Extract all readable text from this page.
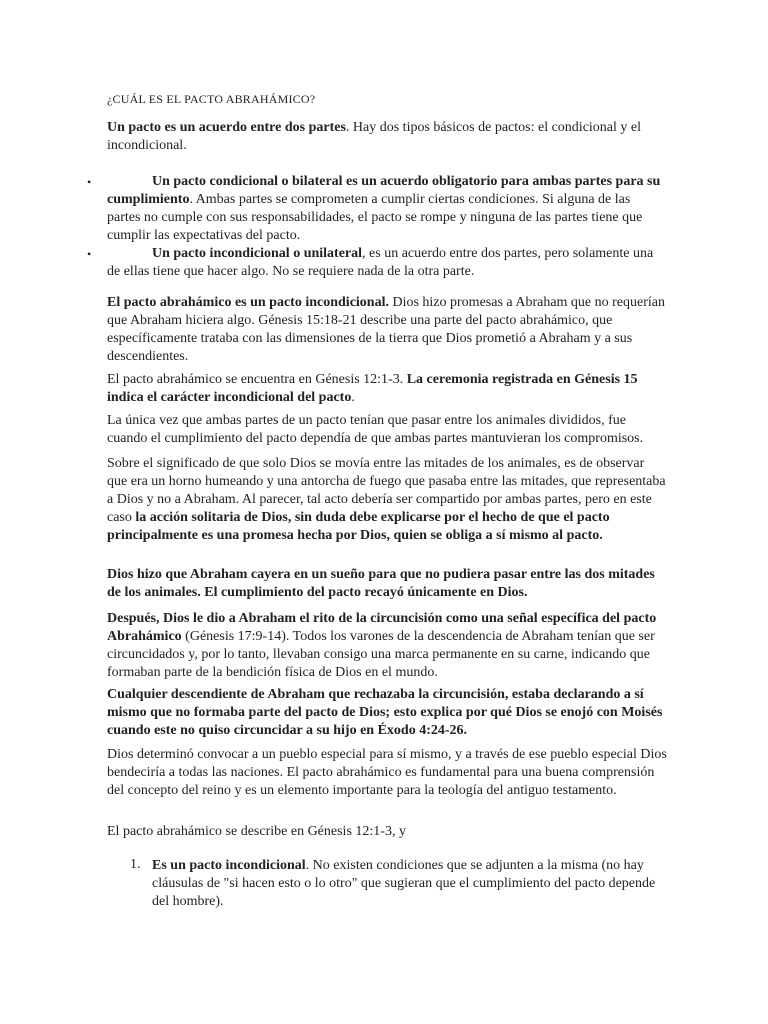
¿CUÁL ES EL PACTO ABRAHÁMICO?

Un pacto es un acuerdo entre dos partes. Hay dos tipos básicos de pactos: el condicional y el incondicional.

•	Un pacto condicional o bilateral es un acuerdo obligatorio para ambas partes para su cumplimiento. Ambas partes se comprometen a cumplir ciertas condiciones. Si alguna de las partes no cumple con sus responsabilidades, el pacto se rompe y ninguna de las partes tiene que cumplir las expectativas del pacto.
•	Un pacto incondicional o unilateral, es un acuerdo entre dos partes, pero solamente una de ellas tiene que hacer algo. No se requiere nada de la otra parte.

El pacto abrahámico es un pacto incondicional. Dios hizo promesas a Abraham que no requerían que Abraham hiciera algo. Génesis 15:18-21 describe una parte del pacto abrahámico, que específicamente trataba con las dimensiones de la tierra que Dios prometió a Abraham y a sus descendientes.

El pacto abrahámico se encuentra en Génesis 12:1-3. La ceremonia registrada en Génesis 15 indica el carácter incondicional del pacto.

La única vez que ambas partes de un pacto tenían que pasar entre los animales divididos, fue cuando el cumplimiento del pacto dependía de que ambas partes mantuvieran los compromisos.

Sobre el significado de que solo Dios se movía entre las mitades de los animales, es de observar que era un horno humeando y una antorcha de fuego que pasaba entre las mitades, que representaba a Dios y no a Abraham. Al parecer, tal acto debería ser compartido por ambas partes, pero en este caso la acción solitaria de Dios, sin duda debe explicarse por el hecho de que el pacto principalmente es una promesa hecha por Dios, quien se obliga a sí mismo al pacto.

Dios hizo que Abraham cayera en un sueño para que no pudiera pasar entre las dos mitades de los animales. El cumplimiento del pacto recayó únicamente en Dios.

Después, Dios le dio a Abraham el rito de la circuncisión como una señal específica del pacto Abrahámico (Génesis 17:9-14). Todos los varones de la descendencia de Abraham tenían que ser circuncidados y, por lo tanto, llevaban consigo una marca permanente en su carne, indicando que formaban parte de la bendición física de Dios en el mundo.

Cualquier descendiente de Abraham que rechazaba la circuncisión, estaba declarando a sí mismo que no formaba parte del pacto de Dios; esto explica por qué Dios se enojó con Moisés cuando este no quiso circuncidar a su hijo en Éxodo 4:24-26.

Dios determinó convocar a un pueblo especial para sí mismo, y a través de ese pueblo especial Dios bendeciría a todas las naciones. El pacto abrahámico es fundamental para una buena comprensión del concepto del reino y es un elemento importante para la teología del antiguo testamento.

El pacto abrahámico se describe en Génesis 12:1-3, y

1. Es un pacto incondicional. No existen condiciones que se adjunten a la misma (no hay cláusulas de "si hacen esto o lo otro" que sugieran que el cumplimiento del pacto depende del hombre).
